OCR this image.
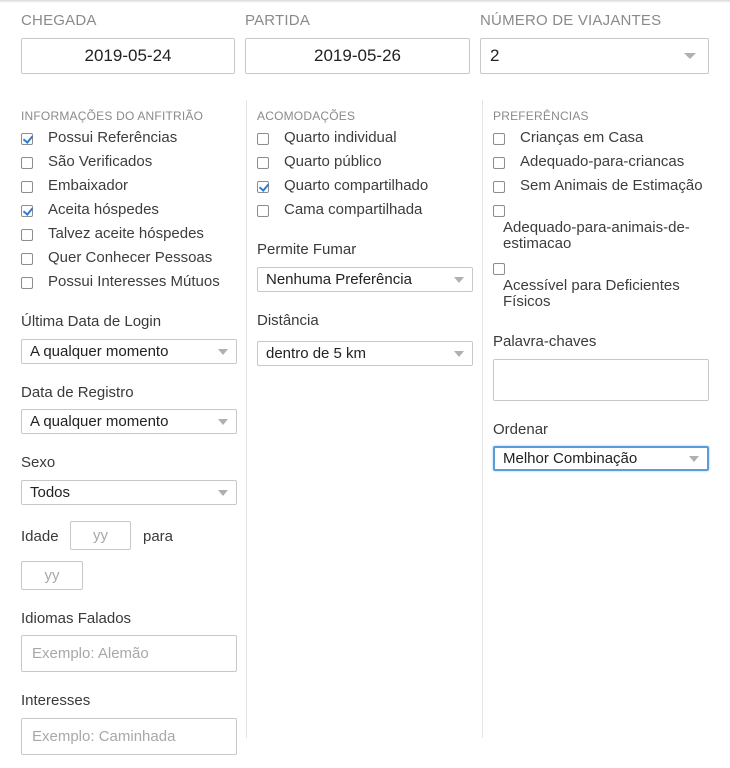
CHEGADA
2019-05-24
PARTIDA
2019-05-26
NÚMERO DE VIAJANTES
2
INFORMAÇÕES DO ANFITRIÃO
Possui Referências
São Verificados
Embaixador
Aceita hóspedes
Talvez aceite hóspedes
Quer Conhecer Pessoas
Possui Interesses Mútuos
Última Data de Login
A qualquer momento
Data de Registro
A qualquer momento
Sexo
Todos
Idade yy para
yy
Idiomas Falados
Exemplo: Alemão
Interesses
Exemplo: Caminhada
ACOMODAÇÕES
Quarto individual
Quarto público
Quarto compartilhado
Cama compartilhada
Permite Fumar
Nenhuma Preferência
Distância
dentro de 5 km
PREFERÊNCIAS
Crianças em Casa
Adequado-para-criancas
Sem Animais de Estimação
Adequado-para-animais-de-estimacao
Acessível para Deficientes Físicos
Palavra-chaves
Ordenar
Melhor Combinação
